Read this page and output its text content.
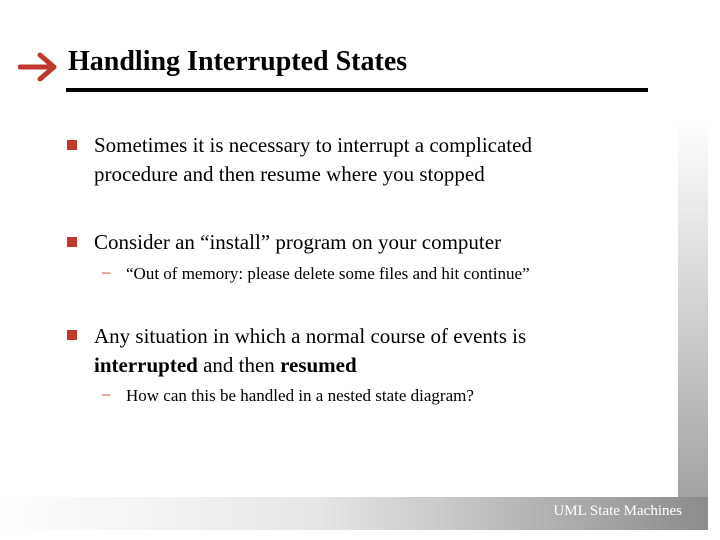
Handling Interrupted States
Sometimes it is necessary to interrupt a complicated procedure and then resume where you stopped
Consider an “install” program on your computer
– “Out of memory: please delete some files and hit continue”
Any situation in which a normal course of events is interrupted and then resumed
– How can this be handled in a nested state diagram?
UML State Machines
